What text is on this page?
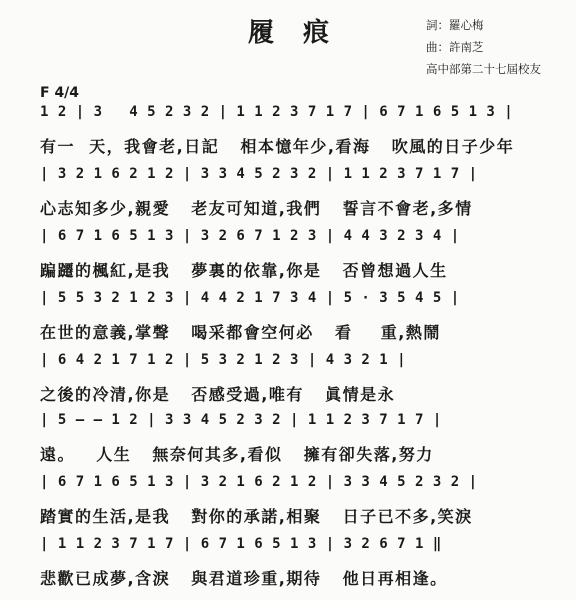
履 痕	詞：羅心梅
曲：許南芝
高中部第二十七屆校友
F 4/4
1 2 | 3   4 5 2 3 2 | 1 1 2 3 7 1 7 | 6 7 1 6 5 1 3 |
有一  天，我會老,日記   相本憶年少,看海   吹風的日子少年
| 3 2 1 6 2 1 2 | 3 3 4 5 2 3 2 | 1 1 2 3 7 1 7 |
心志知多少,親愛   老友可知道,我們   誓言不會老,多情
| 6 7 1 6 5 1 3 | 3 2 6 7 1 2 3 | 4 4 3 2 3 4 |
蹁躚的楓紅,是我   夢裏的依靠,你是   否曾想過人生
| 5 5 3 2 1 2 3 | 4 4 2 1 7 3 4 | 5 · 3 5 4 5 |
在世的意義,掌聲   喝采都會空何必   看    重,熱鬧
| 6 4 2 1 7 1 2 | 5 3 2 1 2 3 | 4 3 2 1 |
之後的冷清,你是   否感受過,唯有   眞情是永
| 5 — — 1 2 | 3 3 4 5 2 3 2 | 1 1 2 3 7 1 7 |
遠。   人生   無奈何其多,看似   擁有卻失落,努力
| 6 7 1 6 5 1 3 | 3 2 1 6 2 1 2 | 3 3 4 5 2 3 2 |
踏實的生活,是我   對你的承諾,相聚   日子已不多,笑淚
| 1 1 2 3 7 1 7 | 6 7 1 6 5 1 3 | 3 2 6 7 1 ‖
悲歡已成夢,含淚   與君道珍重,期待   他日再相逢。
